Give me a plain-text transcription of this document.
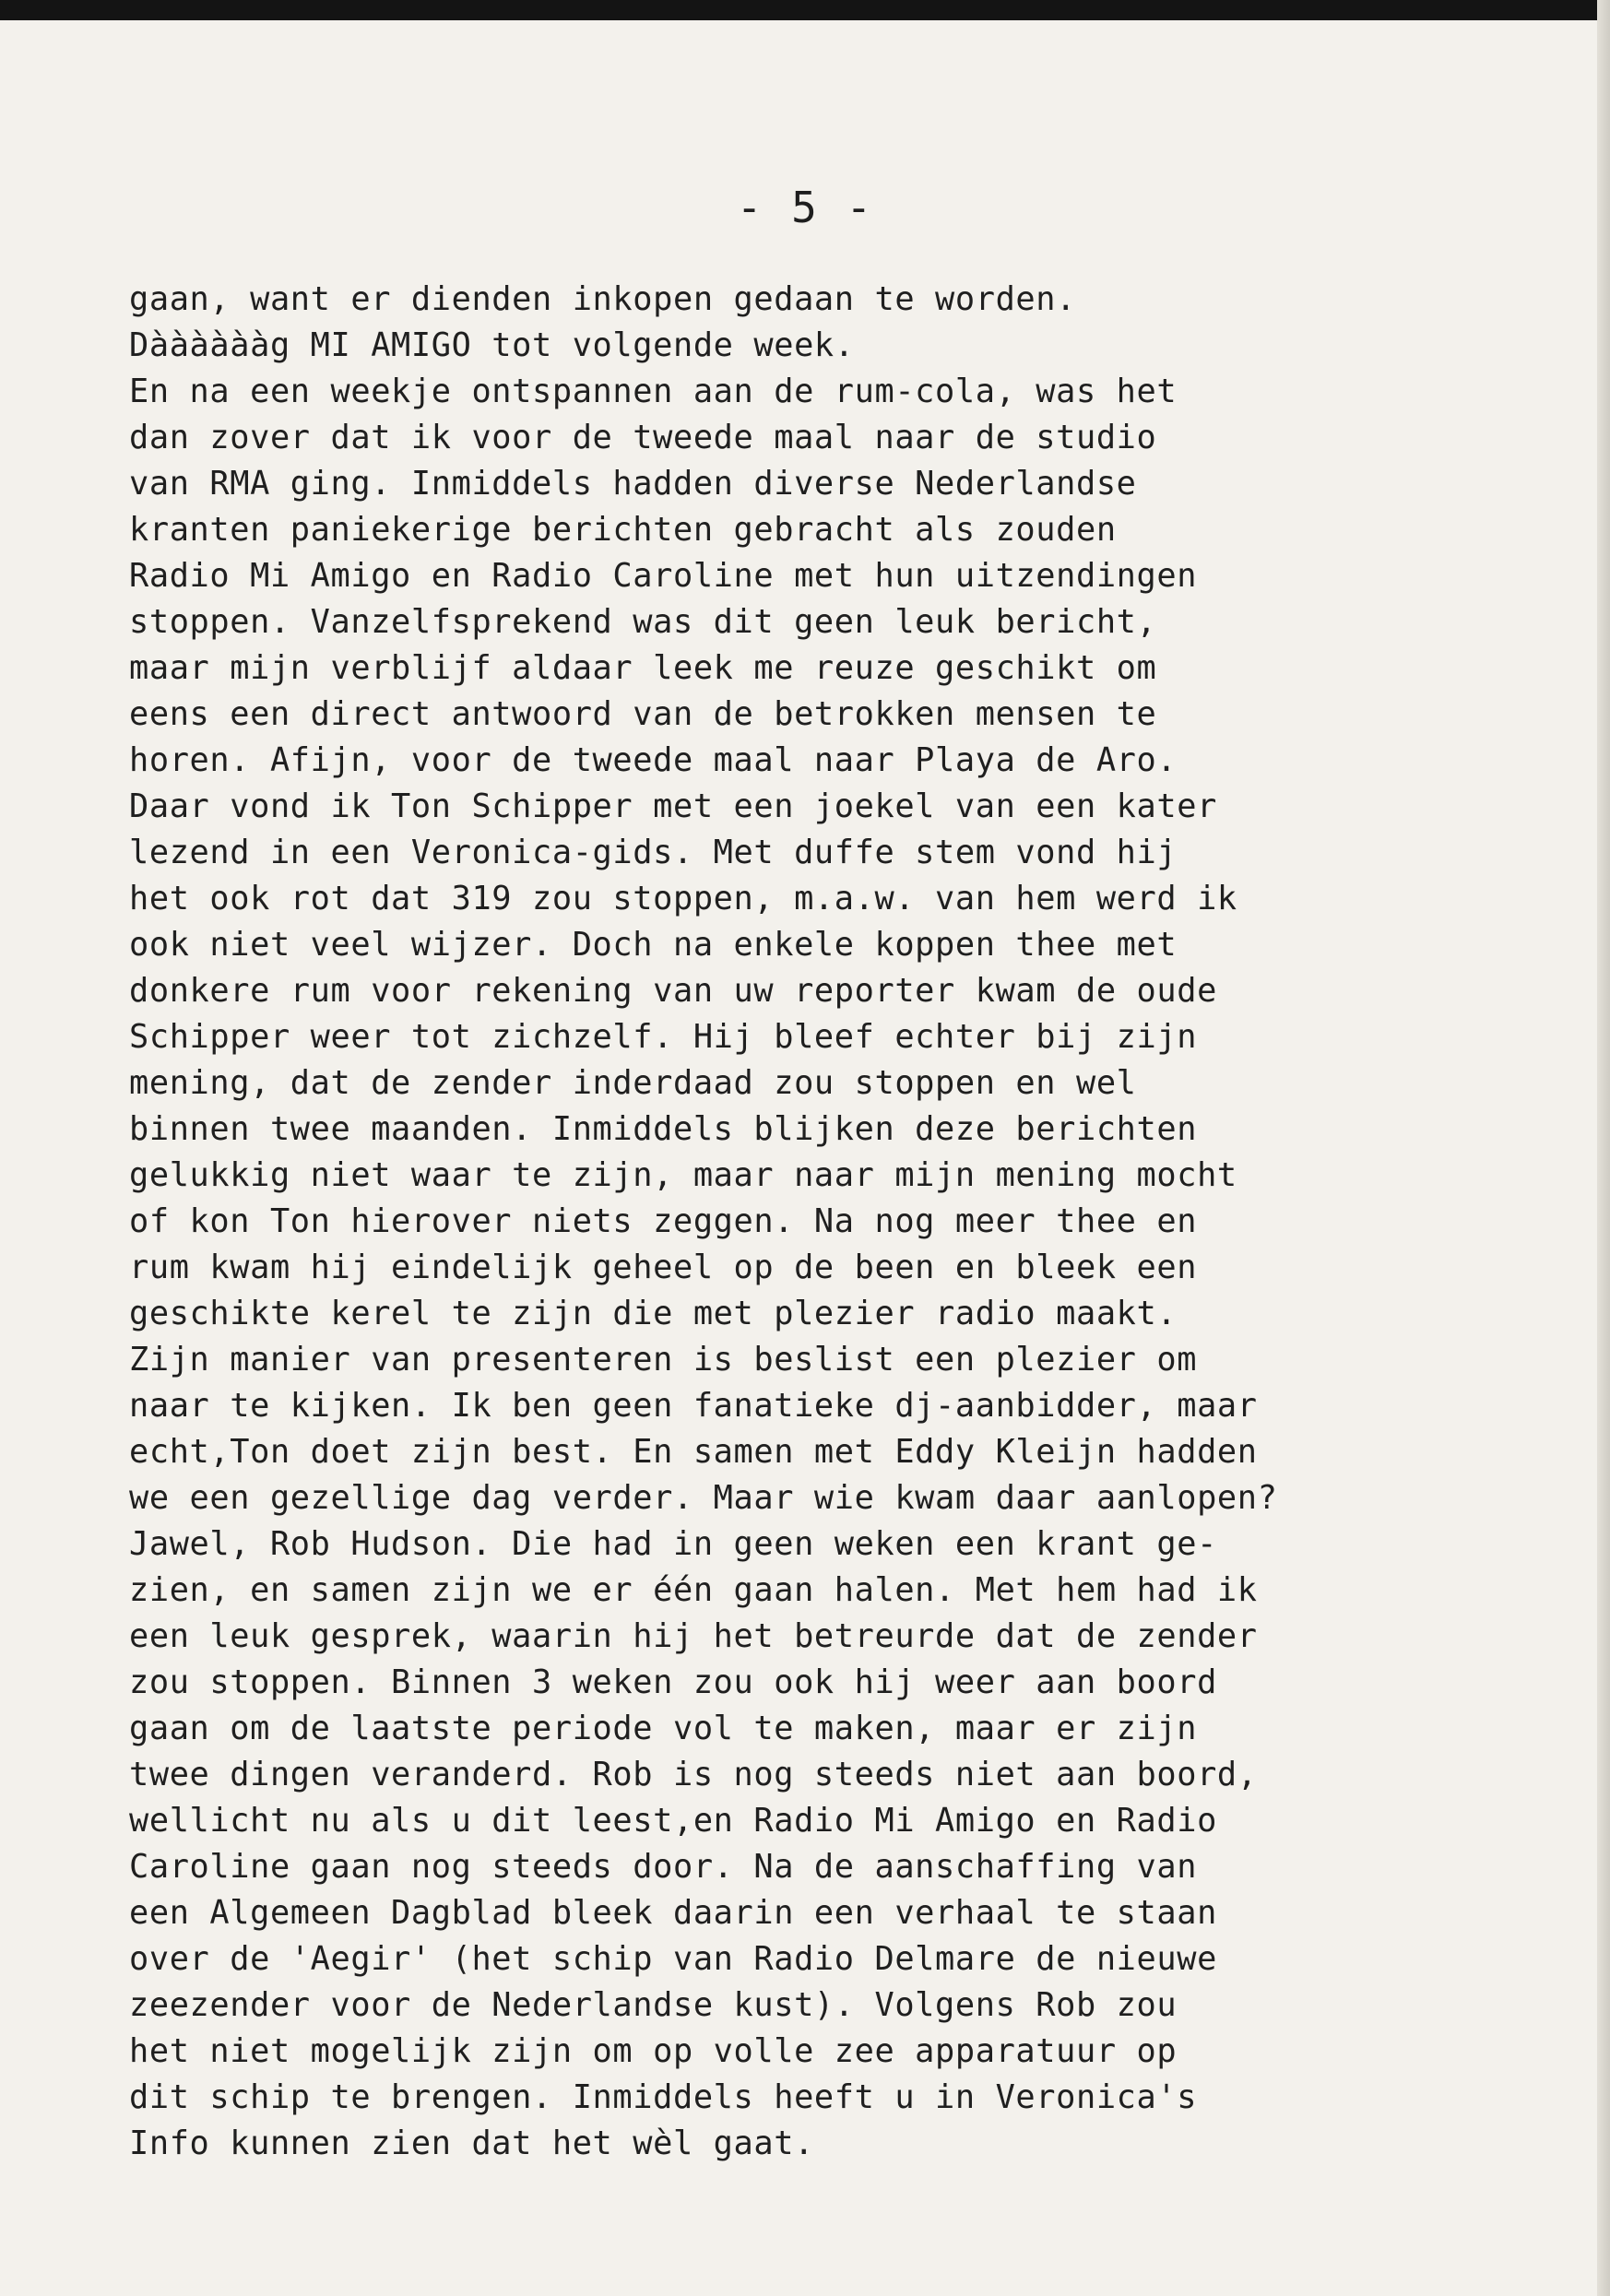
- 5 -
gaan, want er dienden inkopen gedaan te worden.
Dààààààg MI AMIGO tot volgende week.
En na een weekje ontspannen aan de rum-cola, was het
dan zover dat ik voor de tweede maal naar de studio
van RMA ging. Inmiddels hadden diverse Nederlandse
kranten paniekerige berichten gebracht als zouden
Radio Mi Amigo en Radio Caroline met hun uitzendingen
stoppen. Vanzelfsprekend was dit geen leuk bericht,
maar mijn verblijf aldaar leek me reuze geschikt om
eens een direct antwoord van de betrokken mensen te
horen. Afijn, voor de tweede maal naar Playa de Aro.
Daar vond ik Ton Schipper met een joekel van een kater
lezend in een Veronica-gids. Met duffe stem vond hij
het ook rot dat 319 zou stoppen, m.a.w. van hem werd ik
ook niet veel wijzer. Doch na enkele koppen thee met
donkere rum voor rekening van uw reporter kwam de oude
Schipper weer tot zichzelf. Hij bleef echter bij zijn
mening, dat de zender inderdaad zou stoppen en wel
binnen twee maanden. Inmiddels blijken deze berichten
gelukkig niet waar te zijn, maar naar mijn mening mocht
of kon Ton hierover niets zeggen. Na nog meer thee en
rum kwam hij eindelijk geheel op de been en bleek een
geschikte kerel te zijn die met plezier radio maakt.
Zijn manier van presenteren is beslist een plezier om
naar te kijken. Ik ben geen fanatieke dj-aanbidder, maar
echt,Ton doet zijn best. En samen met Eddy Kleijn hadden
we een gezellige dag verder. Maar wie kwam daar aanlopen?
Jawel, Rob Hudson. Die had in geen weken een krant ge-
zien, en samen zijn we er één gaan halen. Met hem had ik
een leuk gesprek, waarin hij het betreurde dat de zender
zou stoppen. Binnen 3 weken zou ook hij weer aan boord
gaan om de laatste periode vol te maken, maar er zijn
twee dingen veranderd. Rob is nog steeds niet aan boord,
wellicht nu als u dit leest,en Radio Mi Amigo en Radio
Caroline gaan nog steeds door. Na de aanschaffing van
een Algemeen Dagblad bleek daarin een verhaal te staan
over de 'Aegir' (het schip van Radio Delmare de nieuwe
zeezender voor de Nederlandse kust). Volgens Rob zou
het niet mogelijk zijn om op volle zee apparatuur op
dit schip te brengen. Inmiddels heeft u in Veronica's
Info kunnen zien dat het wèl gaat.
